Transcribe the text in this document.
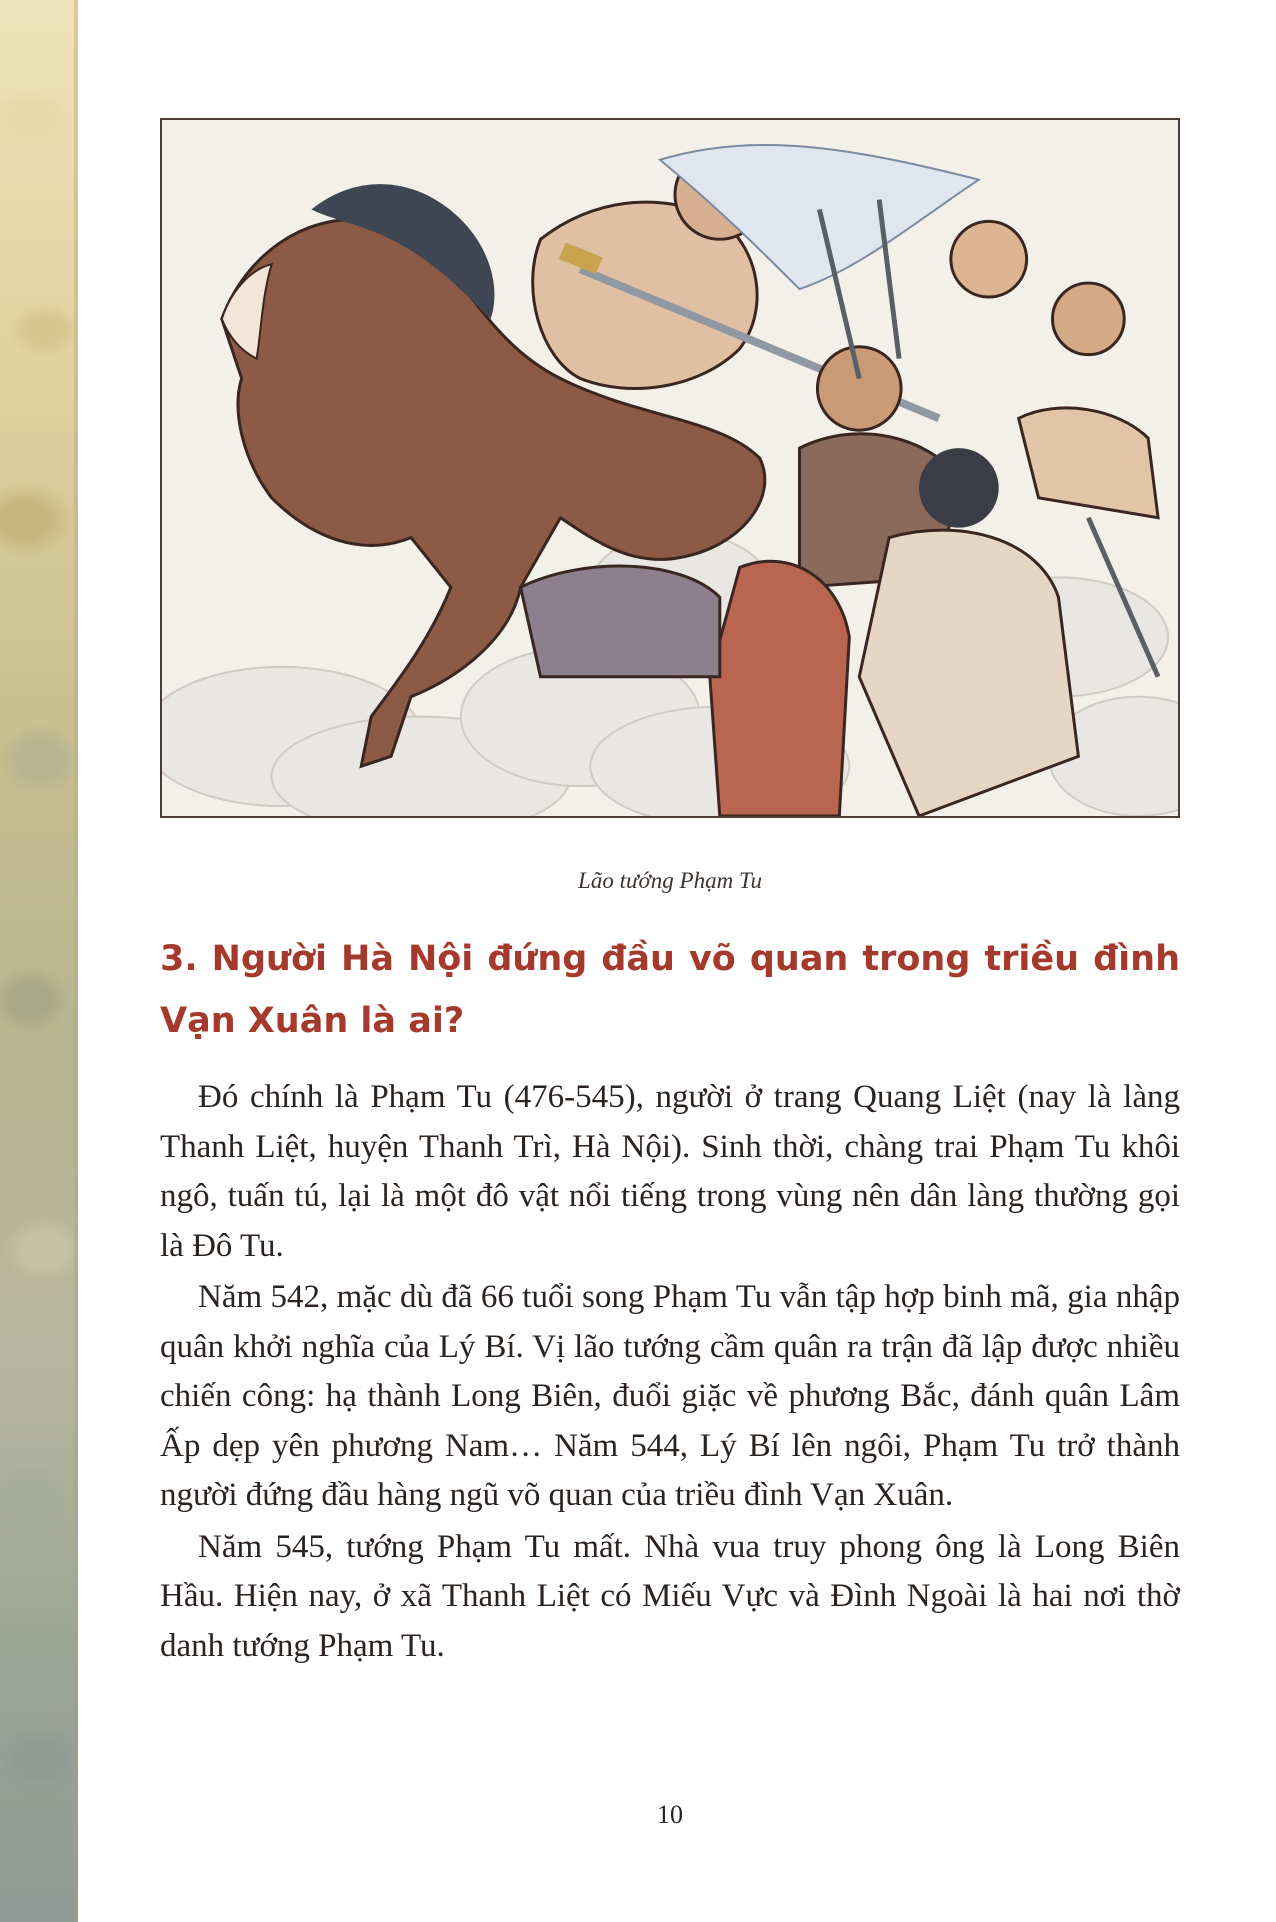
Lão tướng Phạm Tu
3. Người Hà Nội đứng đầu võ quan trong triều đình Vạn Xuân là ai?

Đó chính là Phạm Tu (476-545), người ở trang Quang Liệt (nay là làng Thanh Liệt, huyện Thanh Trì, Hà Nội). Sinh thời, chàng trai Phạm Tu khôi ngô, tuấn tú, lại là một đô vật nổi tiếng trong vùng nên dân làng thường gọi là Đô Tu.

Năm 542, mặc dù đã 66 tuổi song Phạm Tu vẫn tập hợp binh mã, gia nhập quân khởi nghĩa của Lý Bí. Vị lão tướng cầm quân ra trận đã lập được nhiều chiến công: hạ thành Long Biên, đuổi giặc về phương Bắc, đánh quân Lâm Ấp dẹp yên phương Nam… Năm 544, Lý Bí lên ngôi, Phạm Tu trở thành người đứng đầu hàng ngũ võ quan của triều đình Vạn Xuân.

Năm 545, tướng Phạm Tu mất. Nhà vua truy phong ông là Long Biên Hầu. Hiện nay, ở xã Thanh Liệt có Miếu Vực và Đình Ngoài là hai nơi thờ danh tướng Phạm Tu.

10
